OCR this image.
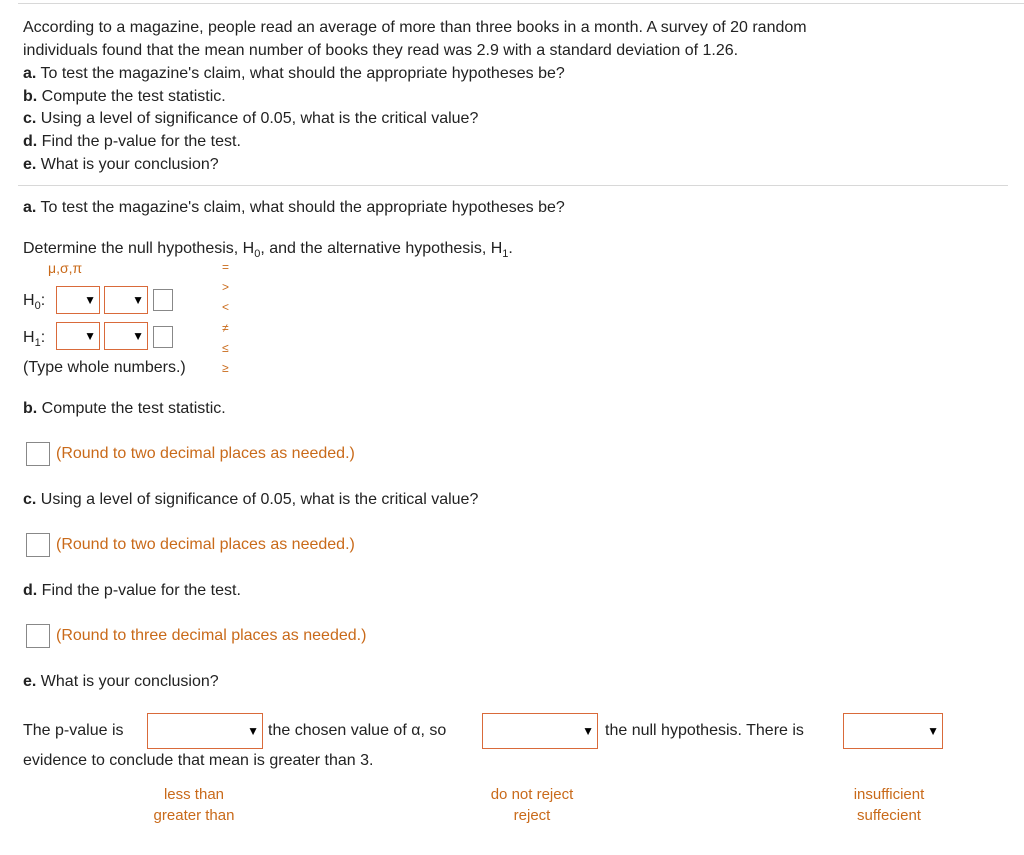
According to a magazine, people read an average of more than three books in a month. A survey of 20 random
individuals found that the mean number of books they read was 2.9 with a standard deviation of 1.26.
a. To test the magazine's claim, what should the appropriate hypotheses be?
b. Compute the test statistic.
c. Using a level of significance of 0.05, what is the critical value?
d. Find the p-value for the test.
e. What is your conclusion?
a. To test the magazine's claim, what should the appropriate hypotheses be?
Determine the null hypothesis, $H_0$, and the alternative hypothesis, $H_1$.
μ,σ,π	=
>
<
≠
≤
≥
$H_0$:	▼	▼
$H_1$:	▼	▼
(Type whole numbers.)
b. Compute the test statistic.
(Round to two decimal places as needed.)
c. Using a level of significance of 0.05, what is the critical value?
(Round to two decimal places as needed.)
d. Find the p-value for the test.
(Round to three decimal places as needed.)
e. What is your conclusion?
The p-value is	▼ the chosen value of α, so	▼ the null hypothesis. There is	▼
evidence to conclude that mean is greater than 3.
less than
greater than
do not reject
reject
insufficient
suffecient
